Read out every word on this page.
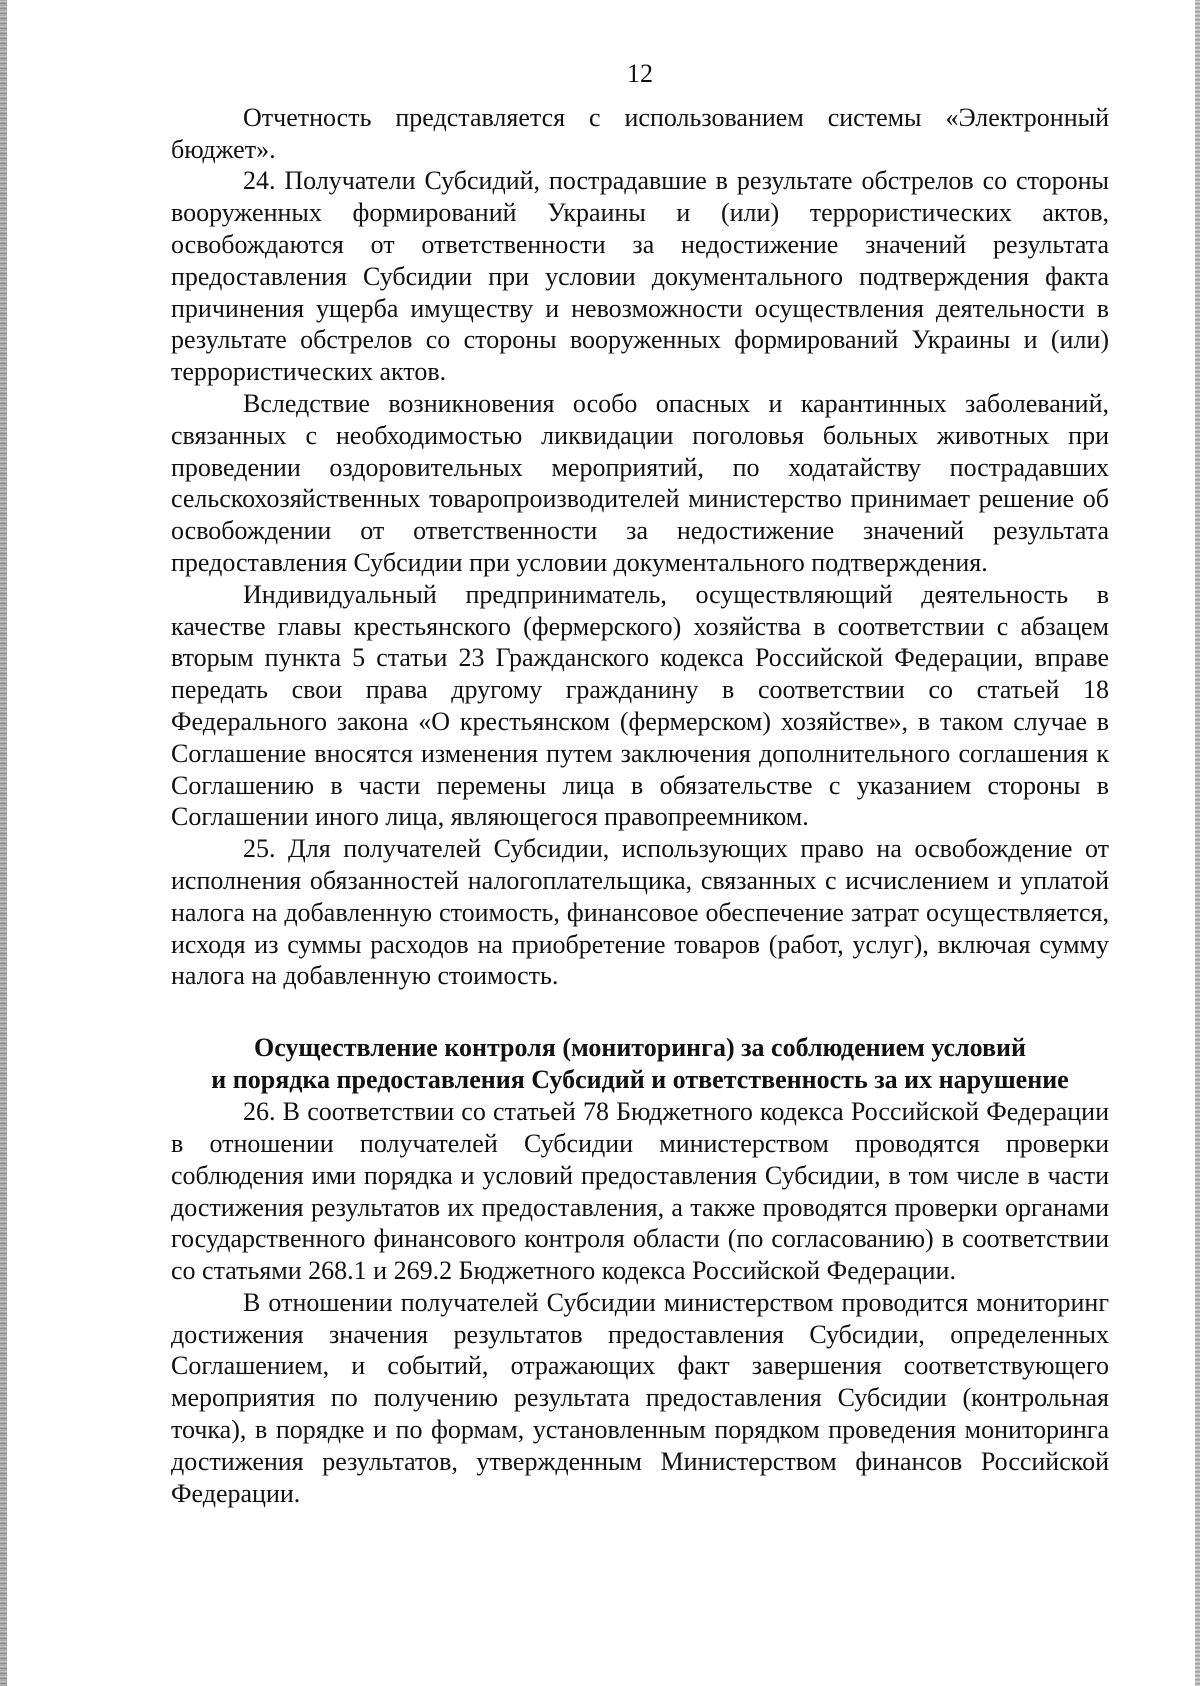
12

Отчетность представляется с использованием системы «Электронный бюджет».

24. Получатели Субсидий, пострадавшие в результате обстрелов со стороны вооруженных формирований Украины и (или) террористических актов, освобождаются от ответственности за недостижение значений результата предоставления Субсидии при условии документального подтверждения факта причинения ущерба имуществу и невозможности осуществления деятельности в результате обстрелов со стороны вооруженных формирований Украины и (или) террористических актов.

Вследствие возникновения особо опасных и карантинных заболеваний, связанных с необходимостью ликвидации поголовья больных животных при проведении оздоровительных мероприятий, по ходатайству пострадавших сельскохозяйственных товаропроизводителей министерство принимает решение об освобождении от ответственности за недостижение значений результата предоставления Субсидии при условии документального подтверждения.

Индивидуальный предприниматель, осуществляющий деятельность в качестве главы крестьянского (фермерского) хозяйства в соответствии с абзацем вторым пункта 5 статьи 23 Гражданского кодекса Российской Федерации, вправе передать свои права другому гражданину в соответствии со статьей 18 Федерального закона «О крестьянском (фермерском) хозяйстве», в таком случае в Соглашение вносятся изменения путем заключения дополнительного соглашения к Соглашению в части перемены лица в обязательстве с указанием стороны в Соглашении иного лица, являющегося правопреемником.

25. Для получателей Субсидии, использующих право на освобождение от исполнения обязанностей налогоплательщика, связанных с исчислением и уплатой налога на добавленную стоимость, финансовое обеспечение затрат осуществляется, исходя из суммы расходов на приобретение товаров (работ, услуг), включая сумму налога на добавленную стоимость.

Осуществление контроля (мониторинга) за соблюдением условий
и порядка предоставления Субсидий и ответственность за их нарушение

26. В соответствии со статьей 78 Бюджетного кодекса Российской Федерации в отношении получателей Субсидии министерством проводятся проверки соблюдения ими порядка и условий предоставления Субсидии, в том числе в части достижения результатов их предоставления, а также проводятся проверки органами государственного финансового контроля области (по согласованию) в соответствии со статьями 268.1 и 269.2 Бюджетного кодекса Российской Федерации.

В отношении получателей Субсидии министерством проводится мониторинг достижения значения результатов предоставления Субсидии, определенных Соглашением, и событий, отражающих факт завершения соответствующего мероприятия по получению результата предоставления Субсидии (контрольная точка), в порядке и по формам, установленным порядком проведения мониторинга достижения результатов, утвержденным Министерством финансов Российской Федерации.
